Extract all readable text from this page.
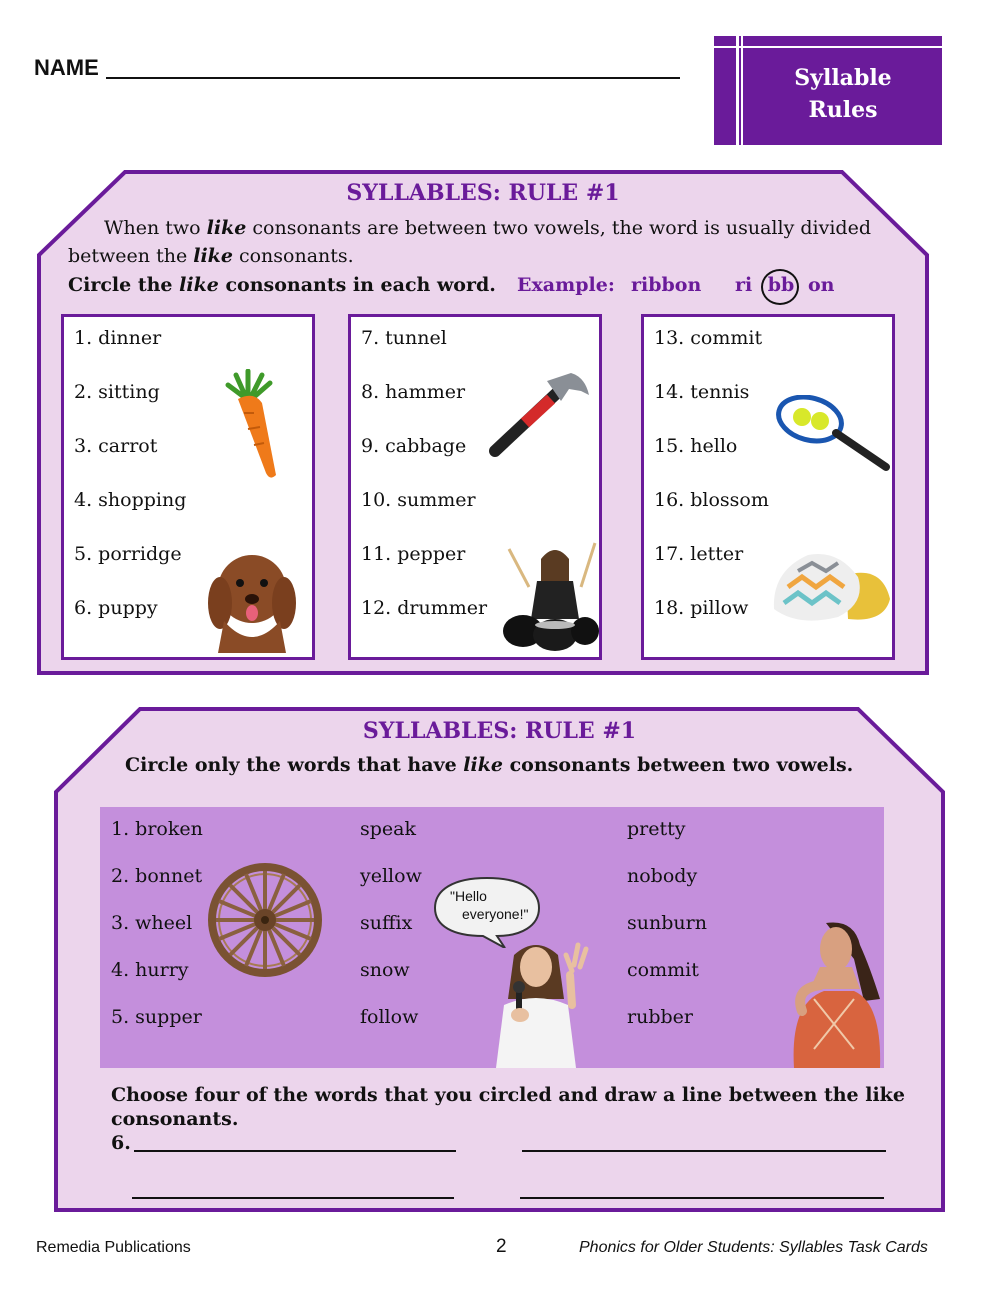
NAME	Syllable
Rules
SYLLABLES: RULE #1
When two like consonants are between two vowels, the word is usually divided between the like consonants.
Circle the like consonants in each word. Example: ribbon ri bb on
1. dinner
2. sitting
3. carrot
4. shopping
5. porridge
6. puppy
7. tunnel
8. hammer
9. cabbage
10. summer
11. pepper
12. drummer
13. commit
14. tennis
15. hello
16. blossom
17. letter
18. pillow
SYLLABLES: RULE #1
Circle only the words that have like consonants between two vowels.
1. broken
2. bonnet
3. wheel
4. hurry
5. supper
speak
yellow
suffix
snow
follow
pretty
nobody
sunburn
commit
rubber
"Hello
everyone!"
Choose four of the words that you circled and draw a line between the like consonants.
6.
Remedia Publications	2	Phonics for Older Students: Syllables Task Cards
